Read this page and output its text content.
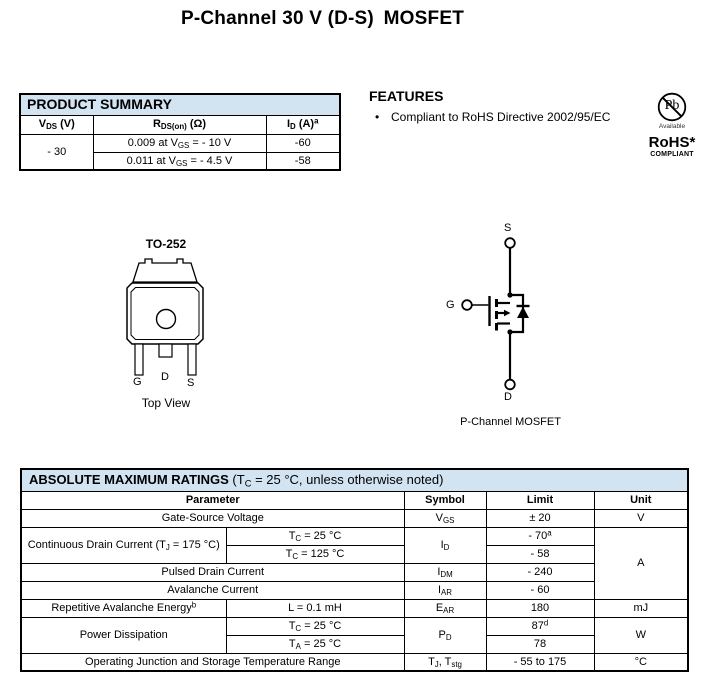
P-Channel 30 V (D-S) MOSFET
PRODUCT SUMMARY		
$V_{DS}$ (V)	$R_{DS(on)}$ (Ω)	$I_D$ $(A)^a$
- 30	0.009 at $V_{GS}$ = - 10 V	-60
	0.011 at $V_{GS}$ = - 4.5 V	-58
FEATURES
• Compliant to RoHS Directive 2002/95/EC
Pb
Available
RoHS*
COMPLIANT
TO-252
G D S
Top View
S
G
D
P-Channel MOSFET
ABSOLUTE MAXIMUM RATINGS ($T_C = 25$ °C, unless otherwise noted)				
Parameter		Symbol	Limit	Unit
Gate-Source Voltage		$V_{GS}$	± 20	V
Continuous Drain Current ($T_J = 175$ °C)	$T_C = 25$ °C	$I_D$	- 70$^a$	A
	$T_C = 125$ °C		- 58	
Pulsed Drain Current		$I_{DM}$	- 240	
Avalanche Current		$I_{AR}$	- 60	
Repetitive Avalanche Energy$^b$	L = 0.1 mH	$E_{AR}$	180	mJ
Power Dissipation	$T_C = 25$ °C	$P_D$	87$^d$	W
	$T_A = 25$ °C		78	
Operating Junction and Storage Temperature Range		$T_J$, $T_{stg}$	- 55 to 175	°C
